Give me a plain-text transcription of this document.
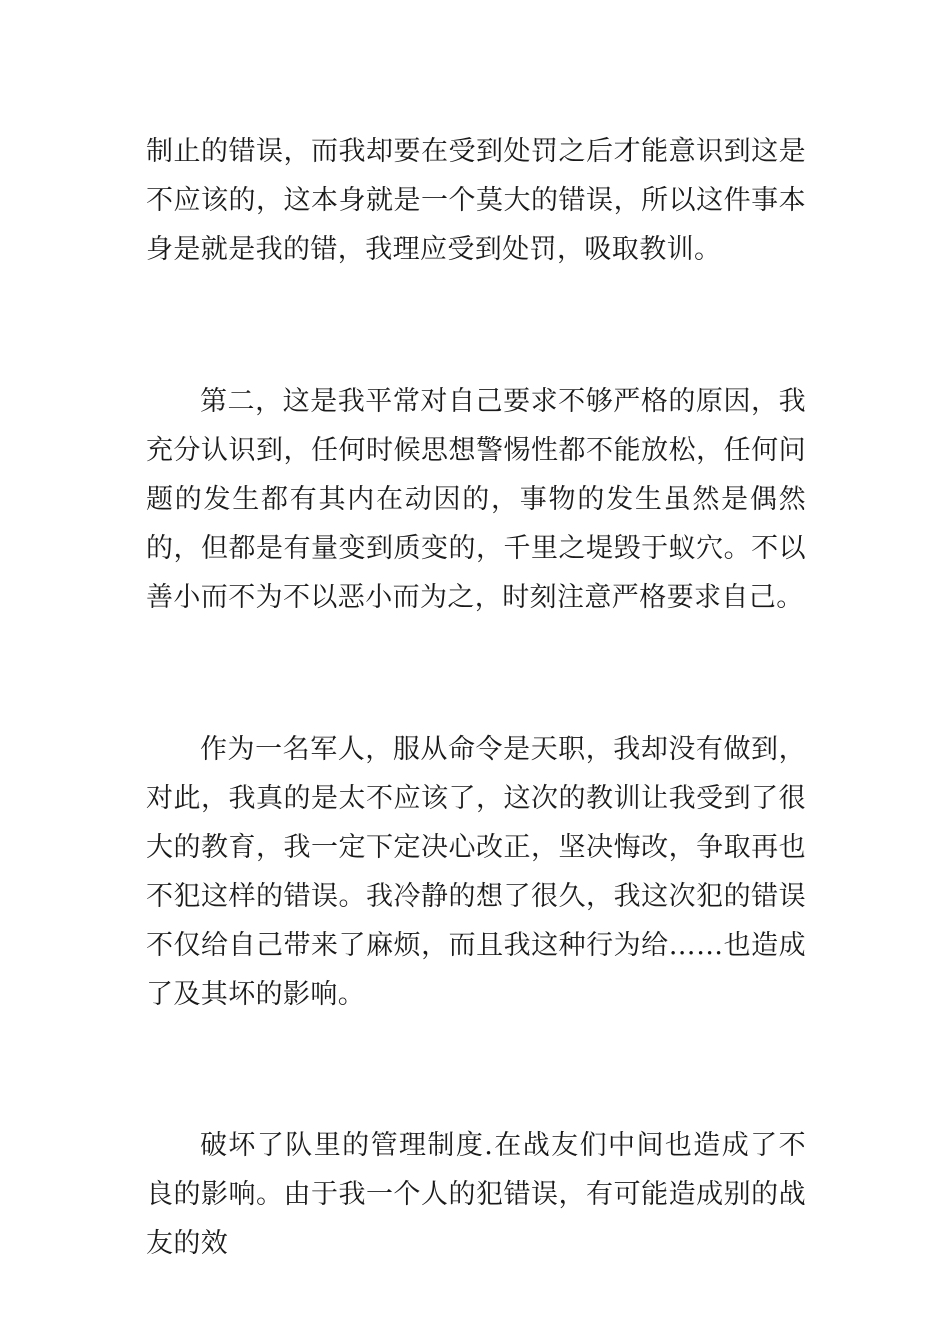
制止的错误，而我却要在受到处罚之后才能意识到这是不应该的，这本身就是一个莫大的错误，所以这件事本身是就是我的错，我理应受到处罚，吸取教训。

第二，这是我平常对自己要求不够严格的原因，我充分认识到，任何时候思想警惕性都不能放松，任何问题的发生都有其内在动因的，事物的发生虽然是偶然的，但都是有量变到质变的，千里之堤毁于蚁穴。不以善小而不为不以恶小而为之，时刻注意严格要求自己。

作为一名军人，服从命令是天职，我却没有做到，对此，我真的是太不应该了，这次的教训让我受到了很大的教育，我一定下定决心改正，坚决悔改，争取再也不犯这样的错误。我冷静的想了很久，我这次犯的错误不仅给自己带来了麻烦，而且我这种行为给……也造成了及其坏的影响。

破坏了队里的管理制度.在战友们中间也造成了不良的影响。由于我一个人的犯错误，有可能造成别的战友的效
